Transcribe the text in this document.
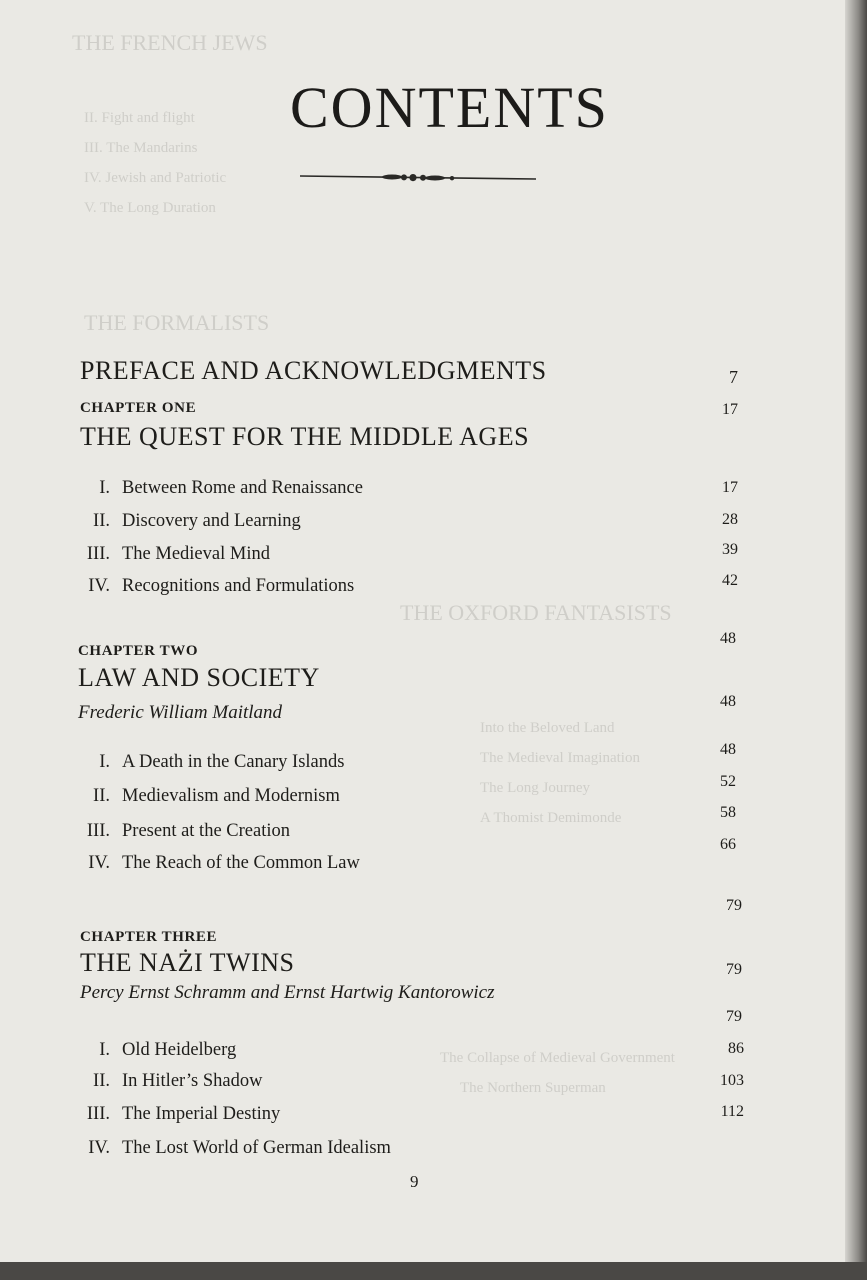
THE FRENCH JEWS
II. Fight and flight
III. The Mandarins
IV. Jewish and Patriotic
V. The Long Duration
THE FORMALISTS
THE OXFORD FANTASISTS
Into the Beloved Land
The Medieval Imagination
The Long Journey
A Thomist Demimonde
The Collapse of Medieval Government
The Northern Superman
CONTENTS
PREFACE AND ACKNOWLEDGMENTS	7
CHAPTER ONE
THE QUEST FOR THE MIDDLE AGES
I. Between Rome and Renaissance
II. Discovery and Learning
III. The Medieval Mind
IV. Recognitions and Formulations
CHAPTER TWO
LAW AND SOCIETY
Frederic William Maitland
I. A Death in the Canary Islands
II. Medievalism and Modernism
III. Present at the Creation
IV. The Reach of the Common Law
CHAPTER THREE
THE NAŻI TWINS
Percy Ernst Schramm and Ernst Hartwig Kantorowicz
I. Old Heidelberg
II. In Hitler’s Shadow
III. The Imperial Destiny
IV. The Lost World of German Idealism
17
17
28
39
42
48
48
48
52
58
66
79
79
79
86
103
112
9
